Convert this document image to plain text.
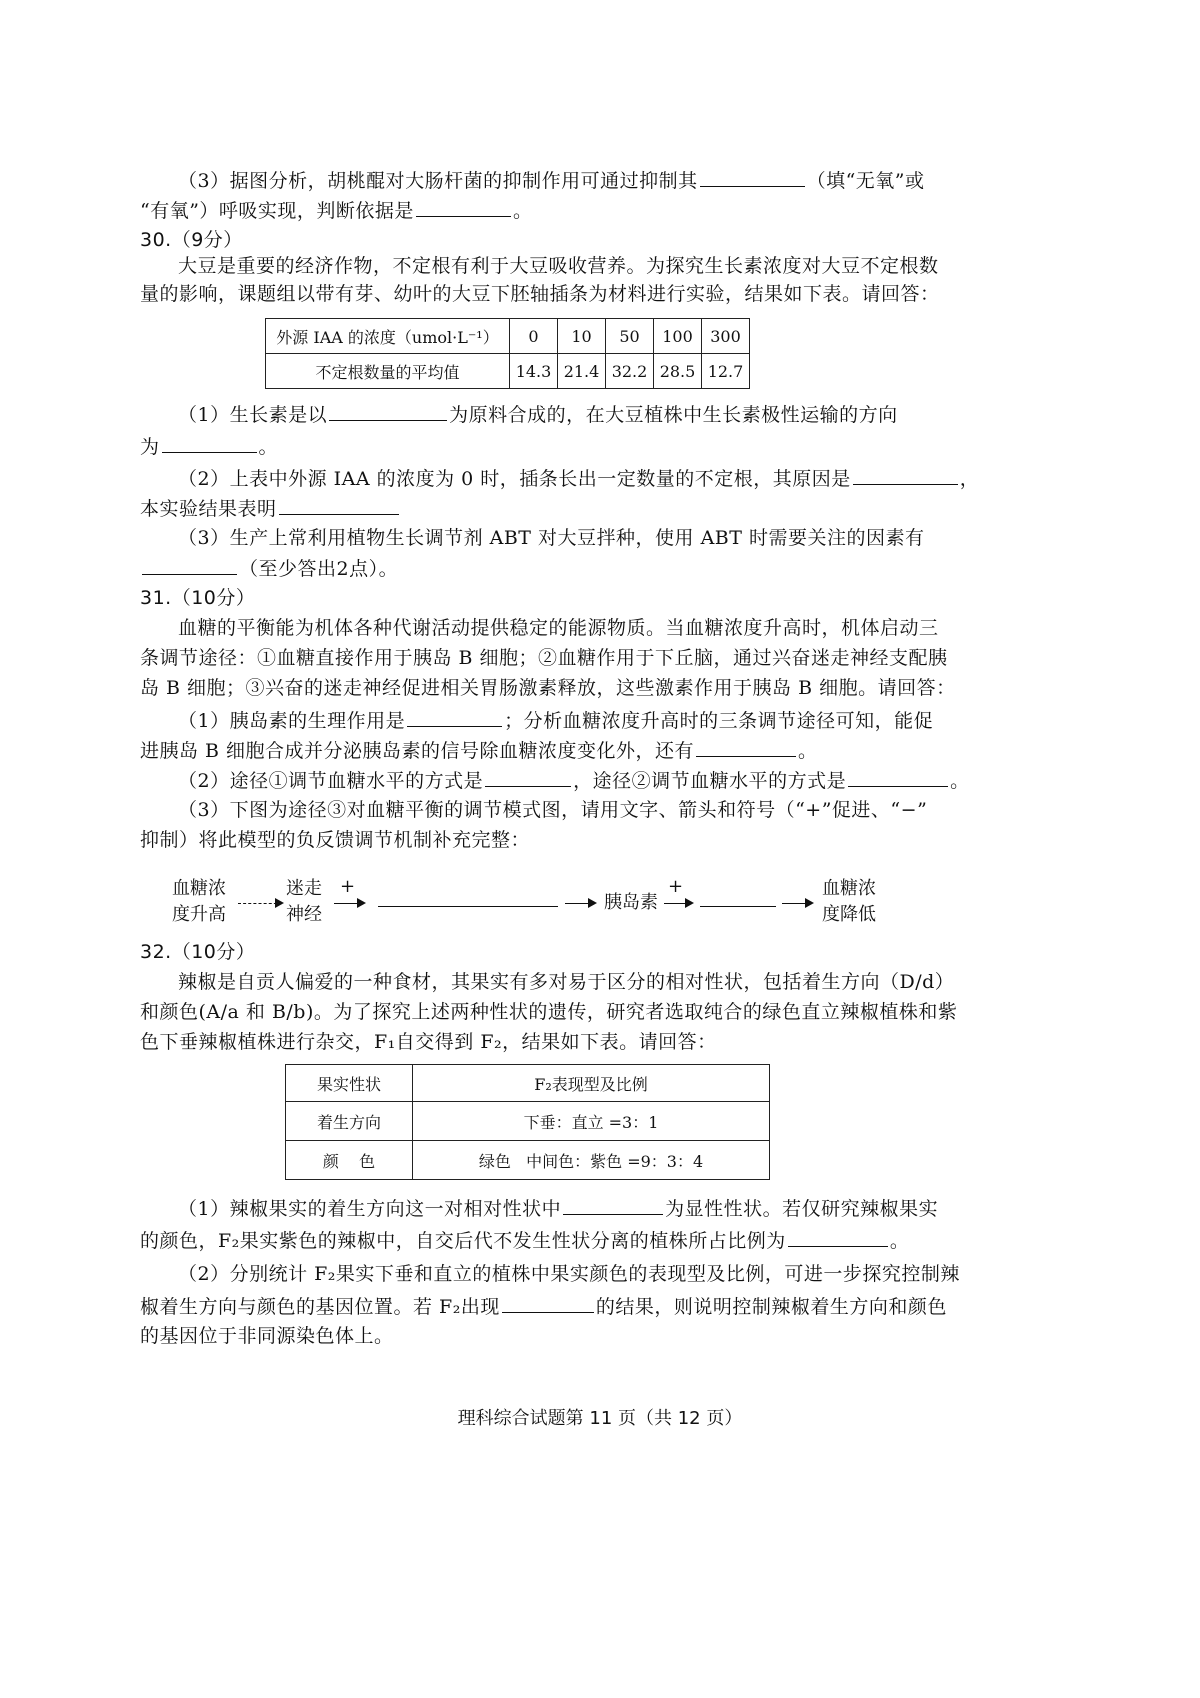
（3）据图分析，胡桃醌对大肠杆菌的抑制作用可通过抑制其	（填“无氧”或
“有氧”）呼吸实现，判断依据是	。
30.（9分）
大豆是重要的经济作物，不定根有利于大豆吸收营养。为探究生长素浓度对大豆不定根数
量的影响，课题组以带有芽、幼叶的大豆下胚轴插条为材料进行实验，结果如下表。请回答：
外源 IAA 的浓度（umol·L⁻¹）	0	10	50	100	300
不定根数量的平均值	14.3	21.4	32.2	28.5	12.7
（1）生长素是以	为原料合成的，在大豆植株中生长素极性运输的方向
为	。
（2）上表中外源 IAA 的浓度为 0 时，插条长出一定数量的不定根，其原因是	，
本实验结果表明
（3）生产上常利用植物生长调节剂 ABT 对大豆拌种，使用 ABT 时需要关注的因素有
（至少答出2点）。
31.（10分）
血糖的平衡能为机体各种代谢活动提供稳定的能源物质。当血糖浓度升高时，机体启动三
条调节途径：①血糖直接作用于胰岛 B 细胞；②血糖作用于下丘脑，通过兴奋迷走神经支配胰
岛 B 细胞；③兴奋的迷走神经促进相关胃肠激素释放，这些激素作用于胰岛 B 细胞。请回答：
（1）胰岛素的生理作用是	；分析血糖浓度升高时的三条调节途径可知，能促
进胰岛 B 细胞合成并分泌胰岛素的信号除血糖浓度变化外，还有	。
（2）途径①调节血糖水平的方式是	，途径②调节血糖水平的方式是	。
（3）下图为途径③对血糖平衡的调节模式图，请用文字、箭头和符号（“+”促进、“−”
抑制）将此模型的负反馈调节机制补充完整：
血糖浓
度升高
迷走
神经
+
胰岛素
+	血糖浓
度降低
32.（10分）
辣椒是自贡人偏爱的一种食材，其果实有多对易于区分的相对性状，包括着生方向（D/d）
和颜色(A/a 和 B/b)。为了探究上述两种性状的遗传，研究者选取纯合的绿色直立辣椒植株和紫
色下垂辣椒植株进行杂交，F₁自交得到 F₂，结果如下表。请回答：
果实性状	F₂表现型及比例
着生方向	下垂：直立 =3：1
颜    色	绿色   中间色：紫色 =9：3：4
（1）辣椒果实的着生方向这一对相对性状中	为显性性状。若仅研究辣椒果实
的颜色，F₂果实紫色的辣椒中，自交后代不发生性状分离的植株所占比例为	。
（2）分别统计 F₂果实下垂和直立的植株中果实颜色的表现型及比例，可进一步探究控制辣
椒着生方向与颜色的基因位置。若 F₂出现	的结果，则说明控制辣椒着生方向和颜色
的基因位于非同源染色体上。
理科综合试题第 11 页（共 12 页）
